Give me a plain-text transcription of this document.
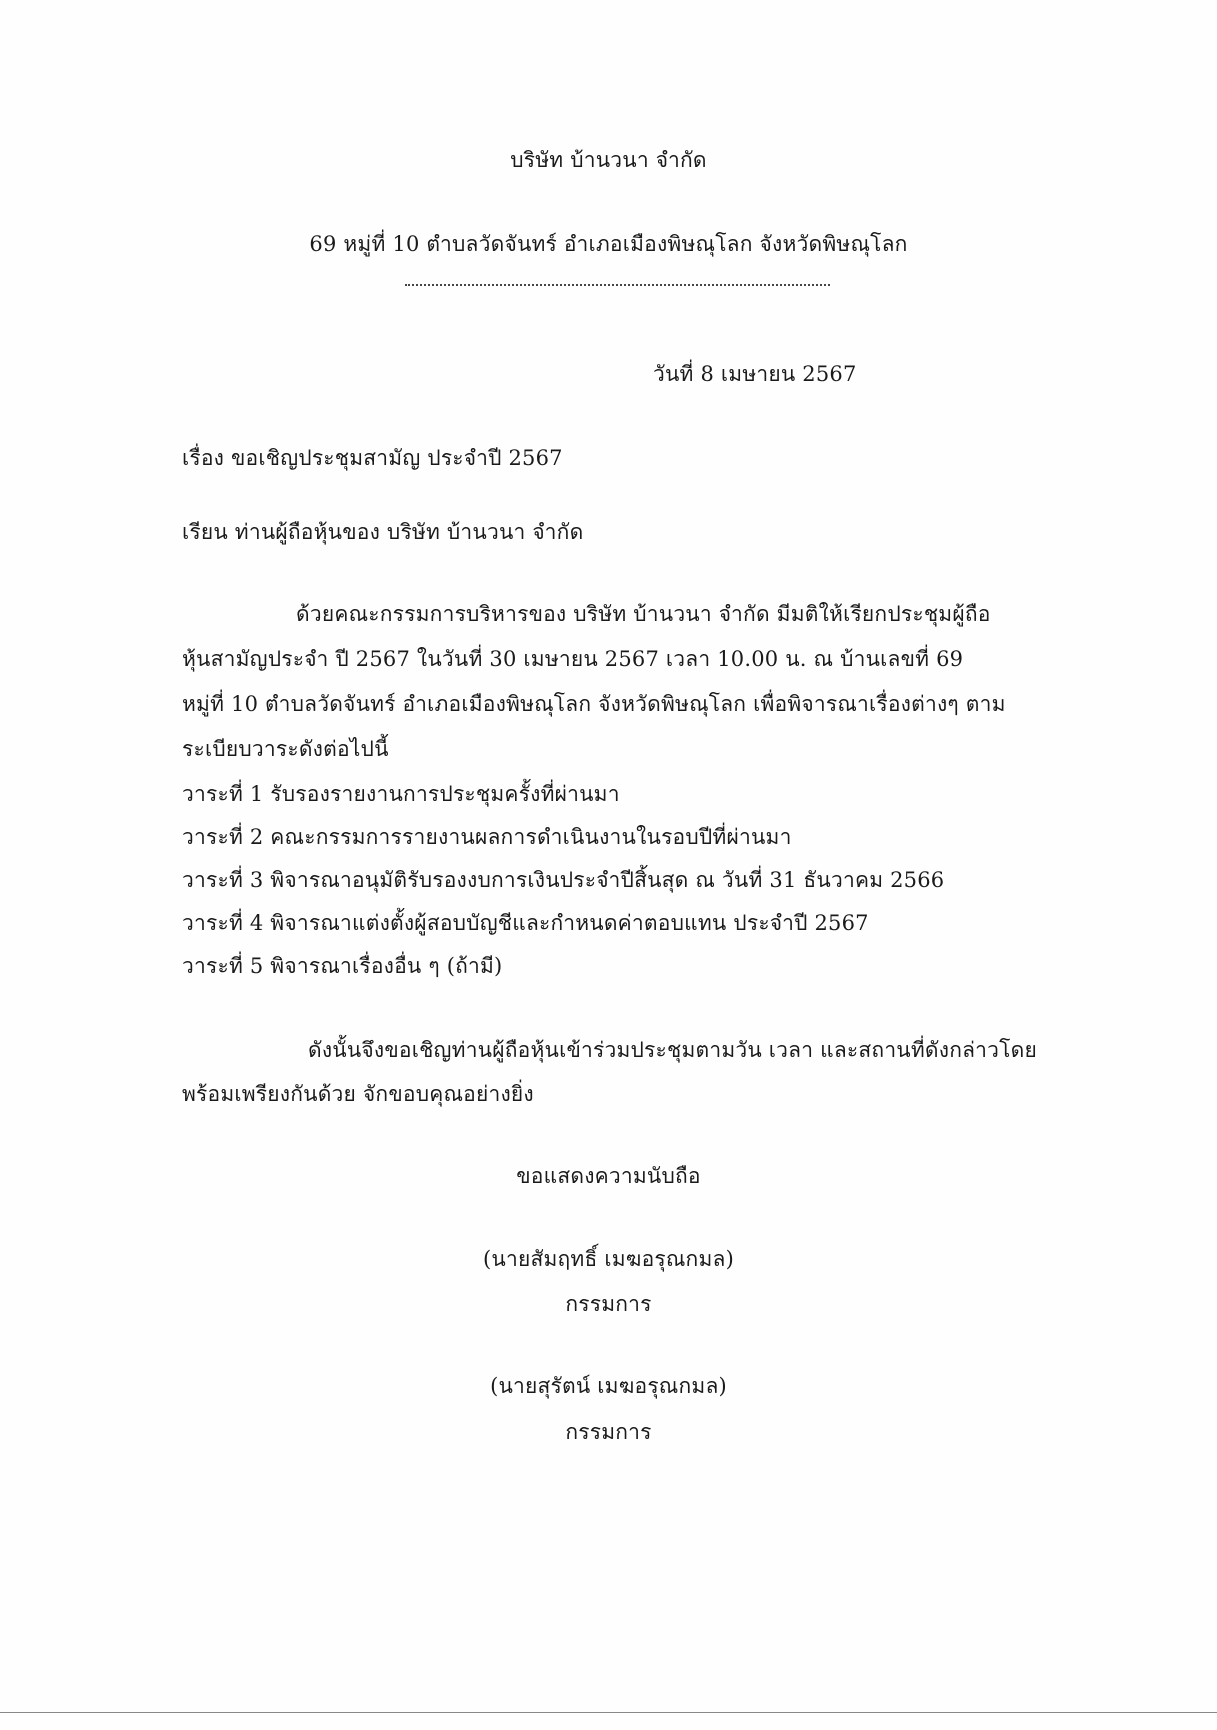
บริษัท บ้านวนา จำกัด
69 หมู่ที่ 10 ตำบลวัดจันทร์ อำเภอเมืองพิษณุโลก จังหวัดพิษณุโลก
วันที่ 8 เมษายน 2567
เรื่อง ขอเชิญประชุมสามัญ ประจำปี 2567
เรียน ท่านผู้ถือหุ้นของ บริษัท บ้านวนา จำกัด
ด้วยคณะกรรมการบริหารของ บริษัท บ้านวนา จำกัด มีมติให้เรียกประชุมผู้ถือ
หุ้นสามัญประจำ ปี 2567 ในวันที่ 30 เมษายน 2567 เวลา 10.00 น. ณ บ้านเลขที่ 69
หมู่ที่ 10 ตำบลวัดจันทร์ อำเภอเมืองพิษณุโลก จังหวัดพิษณุโลก เพื่อพิจารณาเรื่องต่างๆ ตาม
ระเบียบวาระดังต่อไปนี้
วาระที่ 1 รับรองรายงานการประชุมครั้งที่ผ่านมา
วาระที่ 2 คณะกรรมการรายงานผลการดำเนินงานในรอบปีที่ผ่านมา
วาระที่ 3 พิจารณาอนุมัติรับรองงบการเงินประจำปีสิ้นสุด ณ วันที่ 31 ธันวาคม 2566
วาระที่ 4 พิจารณาแต่งตั้งผู้สอบบัญชีและกำหนดค่าตอบแทน ประจำปี 2567
วาระที่ 5 พิจารณาเรื่องอื่น ๆ (ถ้ามี)
ดังนั้นจึงขอเชิญท่านผู้ถือหุ้นเข้าร่วมประชุมตามวัน เวลา และสถานที่ดังกล่าวโดย
พร้อมเพรียงกันด้วย จักขอบคุณอย่างยิ่ง
ขอแสดงความนับถือ
(นายสัมฤทธิ์ เมฆอรุณกมล)
กรรมการ
(นายสุรัตน์ เมฆอรุณกมล)
กรรมการ
